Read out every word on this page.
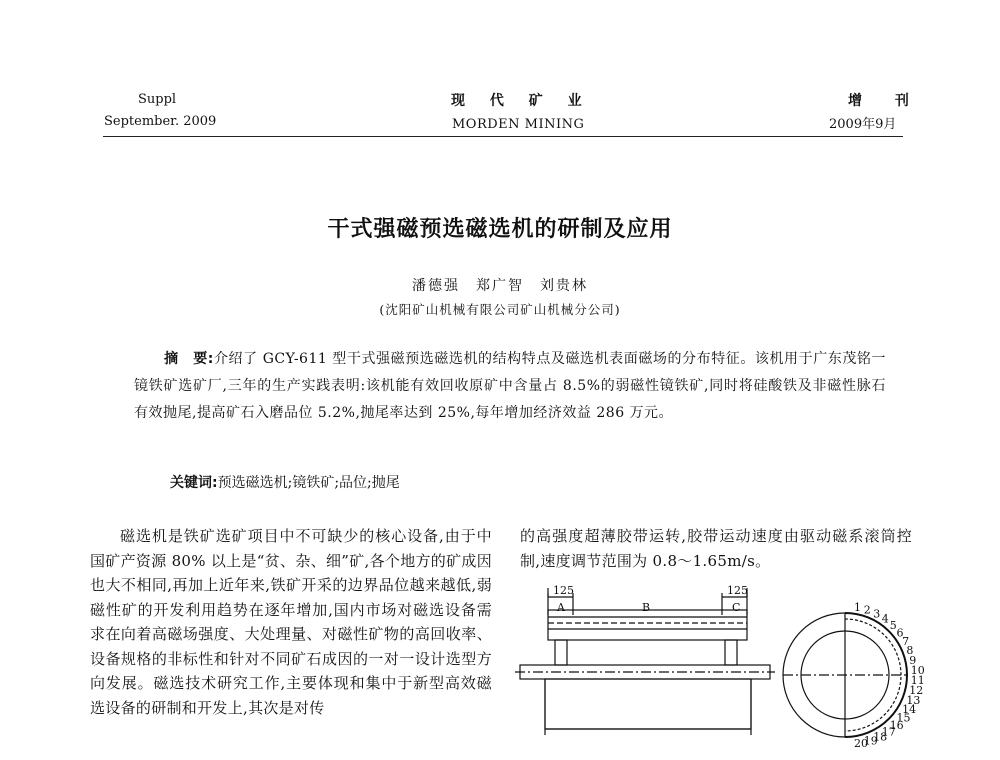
Suppl
September. 2009
现 代 矿 业
MORDEN MINING
增 刊
2009年9月
干式强磁预选磁选机的研制及应用
潘德强　郑广智　刘贵林
(沈阳矿山机械有限公司矿山机械分公司)
摘　要:介绍了 GCY-611 型干式强磁预选磁选机的结构特点及磁选机表面磁场的分布特征。该机用于广东茂铭一镜铁矿选矿厂,三年的生产实践表明:该机能有效回收原矿中含量占 8.5%的弱磁性镜铁矿,同时将硅酸铁及非磁性脉石有效抛尾,提高矿石入磨品位 5.2%,抛尾率达到 25%,每年增加经济效益 286 万元。
关键词:预选磁选机;镜铁矿;品位;抛尾
磁选机是铁矿选矿项目中不可缺少的核心设备,由于中国矿产资源 80% 以上是“贫、杂、细”矿,各个地方的矿成因也大不相同,再加上近年来,铁矿开采的边界品位越来越低,弱磁性矿的开发利用趋势在逐年增加,国内市场对磁选设备需求在向着高磁场强度、大处理量、对磁性矿物的高回收率、设备规格的非标性和针对不同矿石成因的一对一设计选型方向发展。磁选技术研究工作,主要体现和集中于新型高效磁选设备的研制和开发上,其次是对传
的高强度超薄胶带运转,胶带运动速度由驱动磁系滚筒控制,速度调节范围为 0.8～1.65m/s。
125	125
A	B	C	1 2 3 4 5
6
7
8
9
10
11
12
13
14
15
16
17
18
19
20
